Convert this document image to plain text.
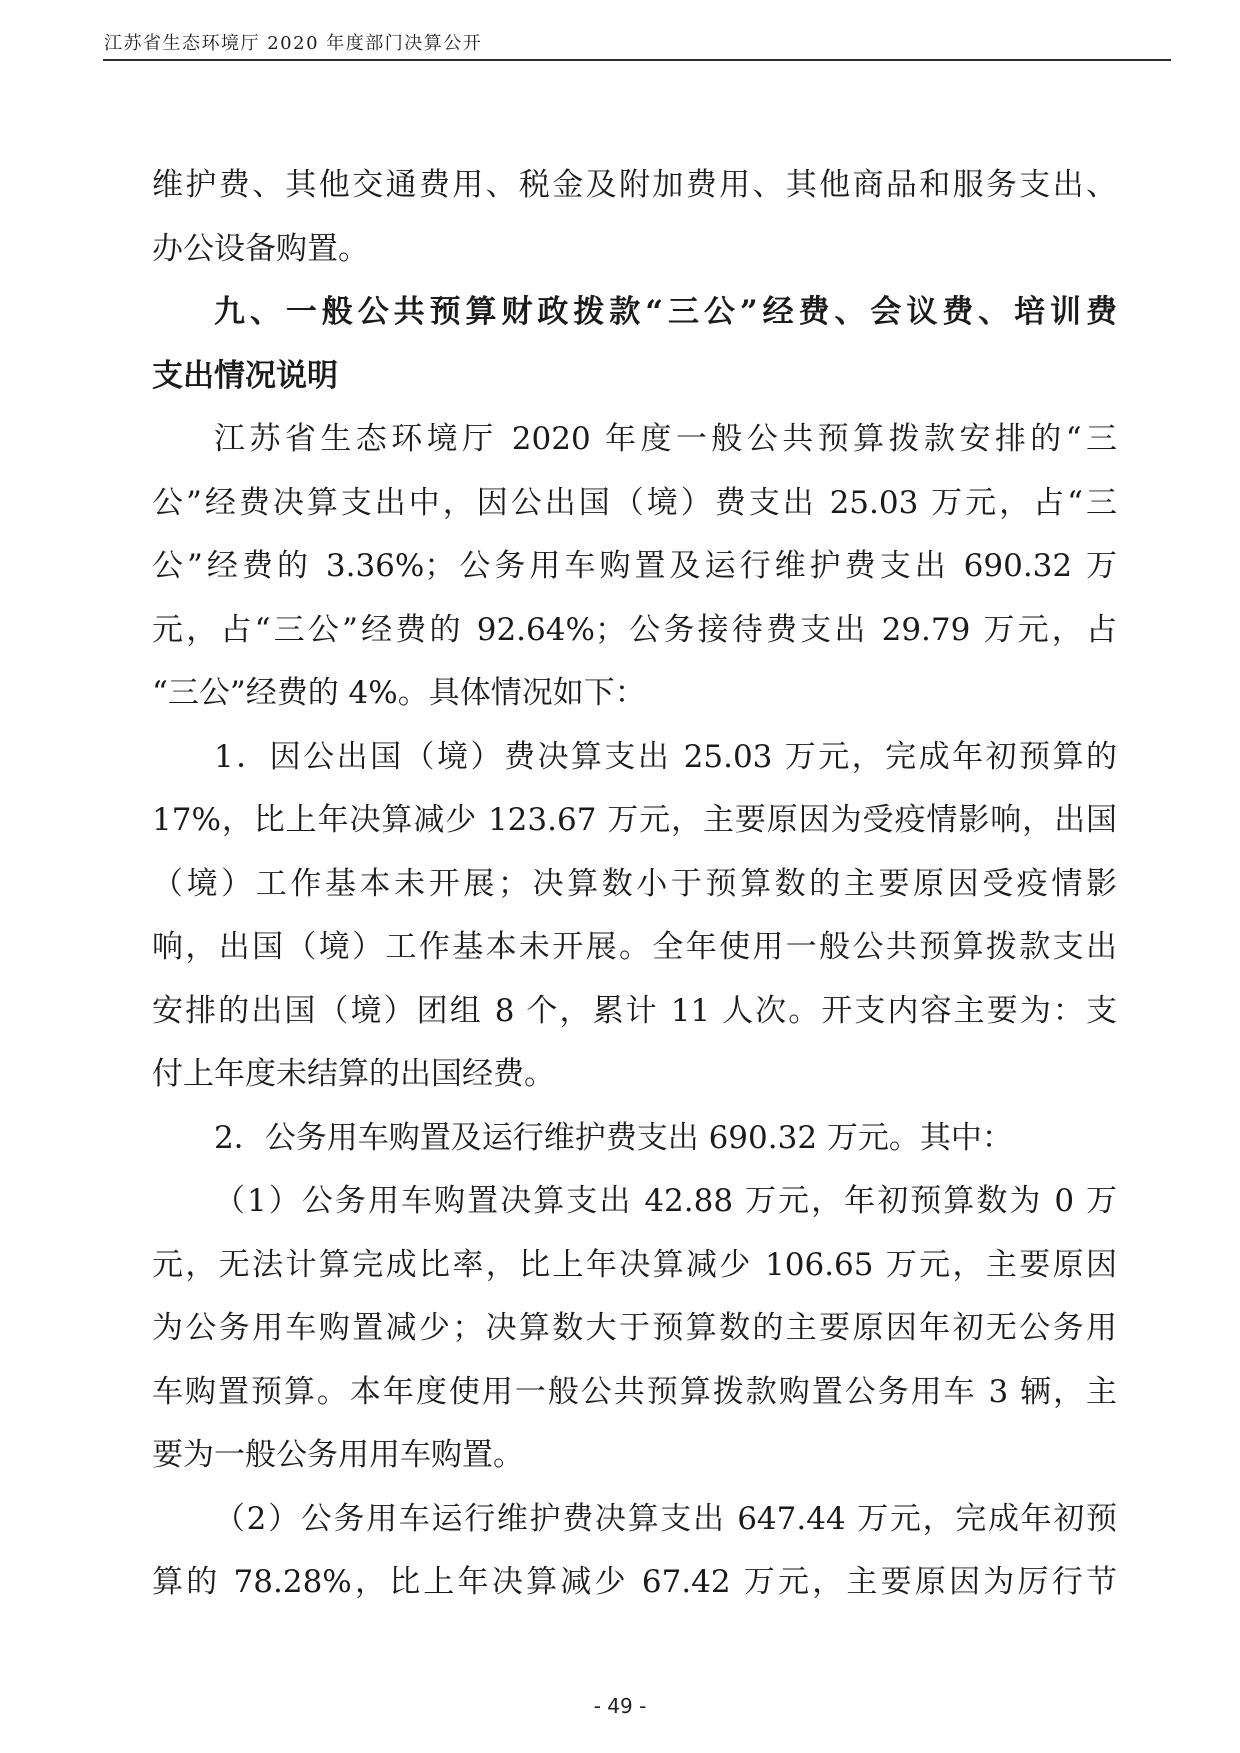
江苏省生态环境厅 2020 年度部门决算公开
维护费、其他交通费用、税金及附加费用、其他商品和服务支出、
办公设备购置。
九、一般公共预算财政拨款“三公”经费、会议费、培训费
支出情况说明
江苏省生态环境厅 2020 年度一般公共预算拨款安排的“三
公”经费决算支出中，因公出国（境）费支出 25.03 万元，占“三
公”经费的 3.36%；公务用车购置及运行维护费支出 690.32 万
元，占“三公”经费的 92.64%；公务接待费支出 29.79 万元，占
“三公”经费的 4%。具体情况如下：
1．因公出国（境）费决算支出 25.03 万元，完成年初预算的
17%，比上年决算减少 123.67 万元，主要原因为受疫情影响，出国
（境）工作基本未开展；决算数小于预算数的主要原因受疫情影
响，出国（境）工作基本未开展。全年使用一般公共预算拨款支出
安排的出国（境）团组 8 个，累计 11 人次。开支内容主要为：支
付上年度未结算的出国经费。
2．公务用车购置及运行维护费支出 690.32 万元。其中：
（1）公务用车购置决算支出 42.88 万元，年初预算数为 0 万
元，无法计算完成比率，比上年决算减少 106.65 万元，主要原因
为公务用车购置减少；决算数大于预算数的主要原因年初无公务用
车购置预算。本年度使用一般公共预算拨款购置公务用车 3 辆，主
要为一般公务用用车购置。
（2）公务用车运行维护费决算支出 647.44 万元，完成年初预
算的 78.28%，比上年决算减少 67.42 万元，主要原因为厉行节
- 49 -
